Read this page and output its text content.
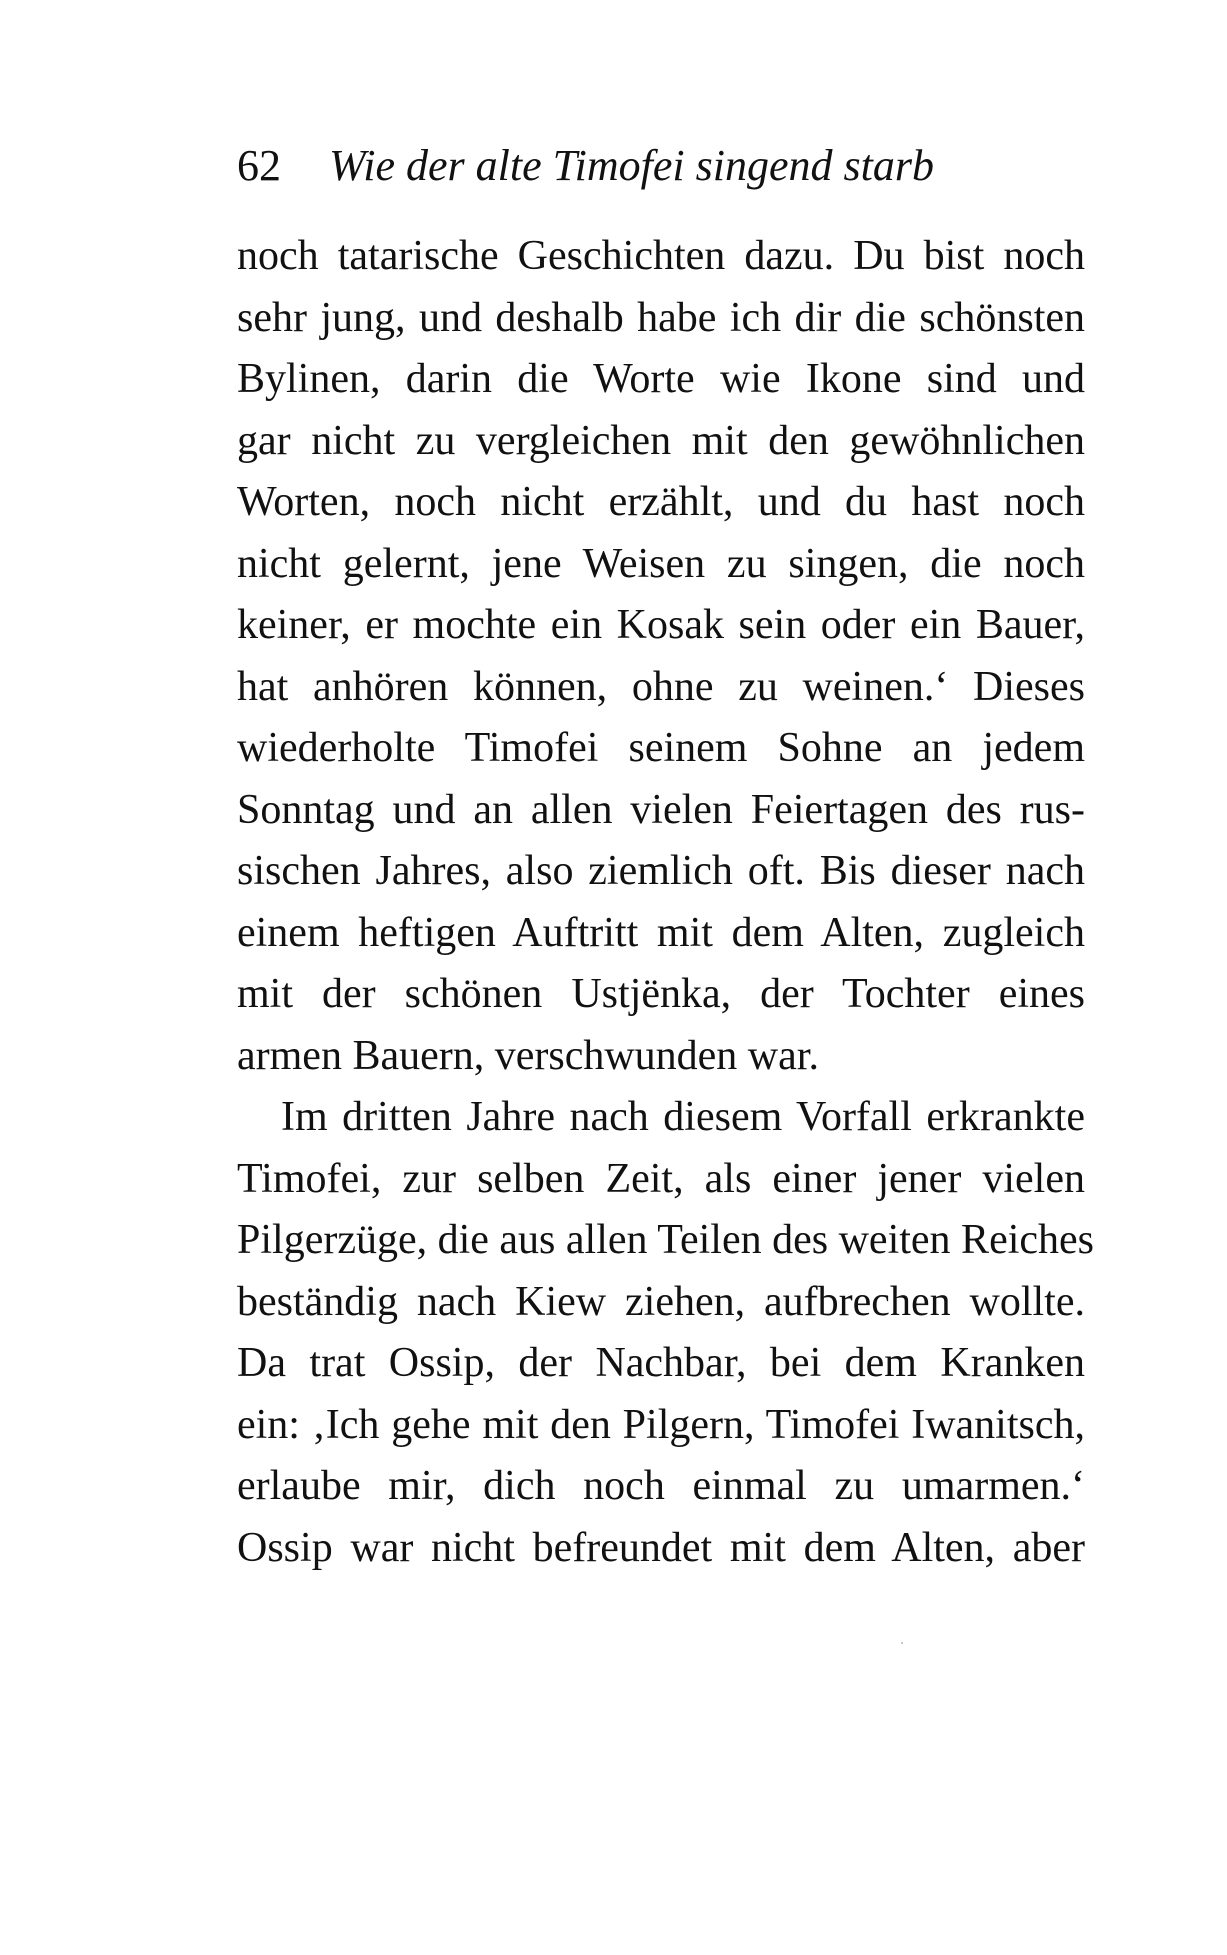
62 Wie der alte Timofei singend starb
noch tatarische Geschichten dazu. Du bist noch
sehr jung, und deshalb habe ich dir die schönsten
Bylinen, darin die Worte wie Ikone sind und
gar nicht zu vergleichen mit den gewöhnlichen
Worten, noch nicht erzählt, und du hast noch
nicht gelernt, jene Weisen zu singen, die noch
keiner, er mochte ein Kosak sein oder ein Bauer,
hat anhören können, ohne zu weinen.‘ Dieses
wiederholte Timofei seinem Sohne an jedem
Sonntag und an allen vielen Feiertagen des rus-
sischen Jahres, also ziemlich oft. Bis dieser nach
einem heftigen Auftritt mit dem Alten, zugleich
mit der schönen Ustjënka, der Tochter eines
armen Bauern, verschwunden war.
Im dritten Jahre nach diesem Vorfall erkrankte
Timofei, zur selben Zeit, als einer jener vielen
Pilgerzüge, die aus allen Teilen des weiten Reiches
beständig nach Kiew ziehen, aufbrechen wollte.
Da trat Ossip, der Nachbar, bei dem Kranken
ein: ‚Ich gehe mit den Pilgern, Timofei Iwanitsch,
erlaube mir, dich noch einmal zu umarmen.‘
Ossip war nicht befreundet mit dem Alten, aber
